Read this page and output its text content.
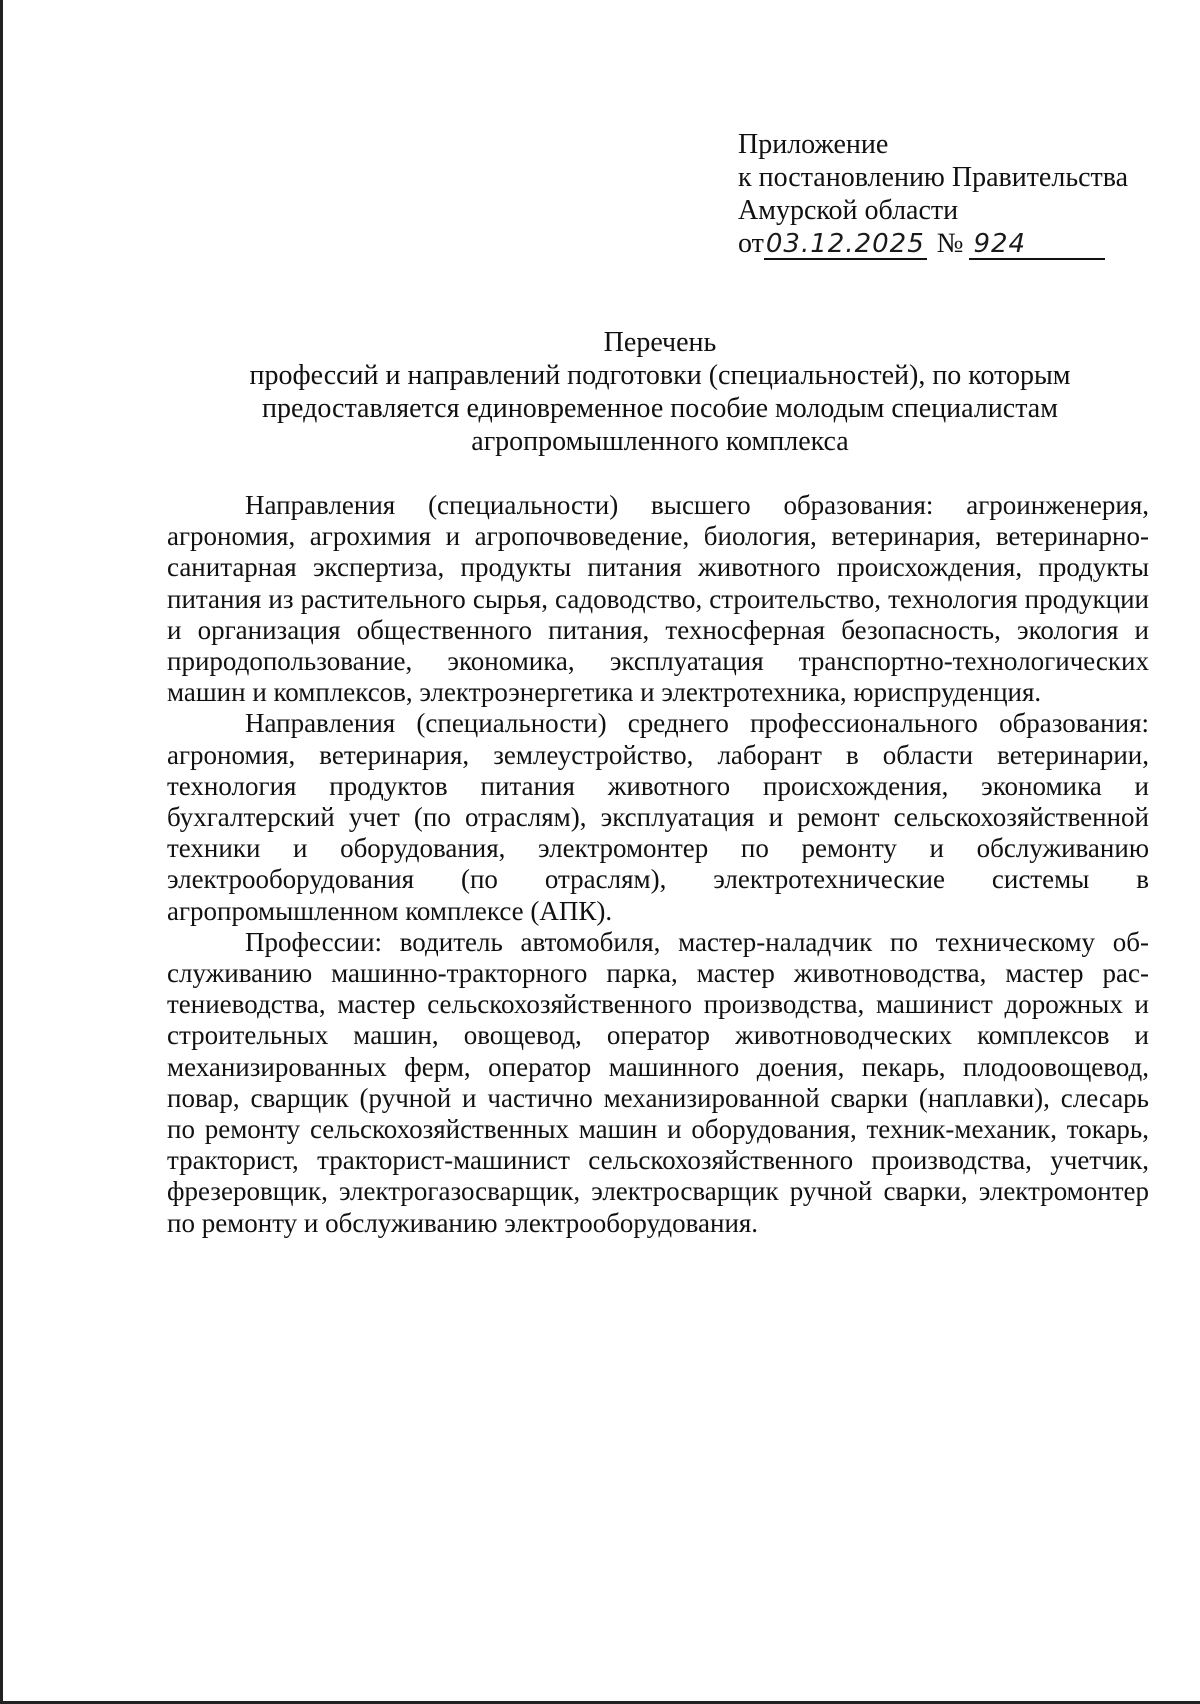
Приложение
к постановлению Правительства
Амурской области
от 03.12.2025 № 924
Перечень
профессий и направлений подготовки (специальностей), по которым
предоставляется единовременное пособие молодым специалистам
агропромышленного комплекса

Направления (специальности) высшего образования: агроинженерия, агрономия, агрохимия и агропочвоведение, биология, ветеринария, ветеринарно-санитарная экспертиза, продукты питания животного происхождения, продукты питания из растительного сырья, садоводство, строительство, технология продукции и организация общественного питания, техносферная безопасность, экология и природопользование, экономика, эксплуатация транспортно-технологических машин и комплексов, электроэнергетика и электротехника, юриспруденция.

Направления (специальности) среднего профессионального образования: агрономия, ветеринария, землеустройство, лаборант в области ветеринарии, технология продуктов питания животного происхождения, экономика и бухгалтерский учет (по отраслям), эксплуатация и ремонт сельскохозяйственной техники и оборудования, электромонтер по ремонту и обслуживанию электрооборудования (по отраслям), электротехнические системы в агропромышленном комплексе (АПК).

Профессии: водитель автомобиля, мастер-наладчик по техническому обслуживанию машинно-тракторного парка, мастер животноводства, мастер растениеводства, мастер сельскохозяйственного производства, машинист дорожных и строительных машин, овощевод, оператор животноводческих комплексов и механизированных ферм, оператор машинного доения, пекарь, плодоовощевод, повар, сварщик (ручной и частично механизированной сварки (наплавки), слесарь по ремонту сельскохозяйственных машин и оборудования, техник-механик, токарь, тракторист, тракторист-машинист сельскохозяйственного производства, учетчик, фрезеровщик, электрогазосварщик, электросварщик ручной сварки, электромонтер по ремонту и обслуживанию электрооборудования.
